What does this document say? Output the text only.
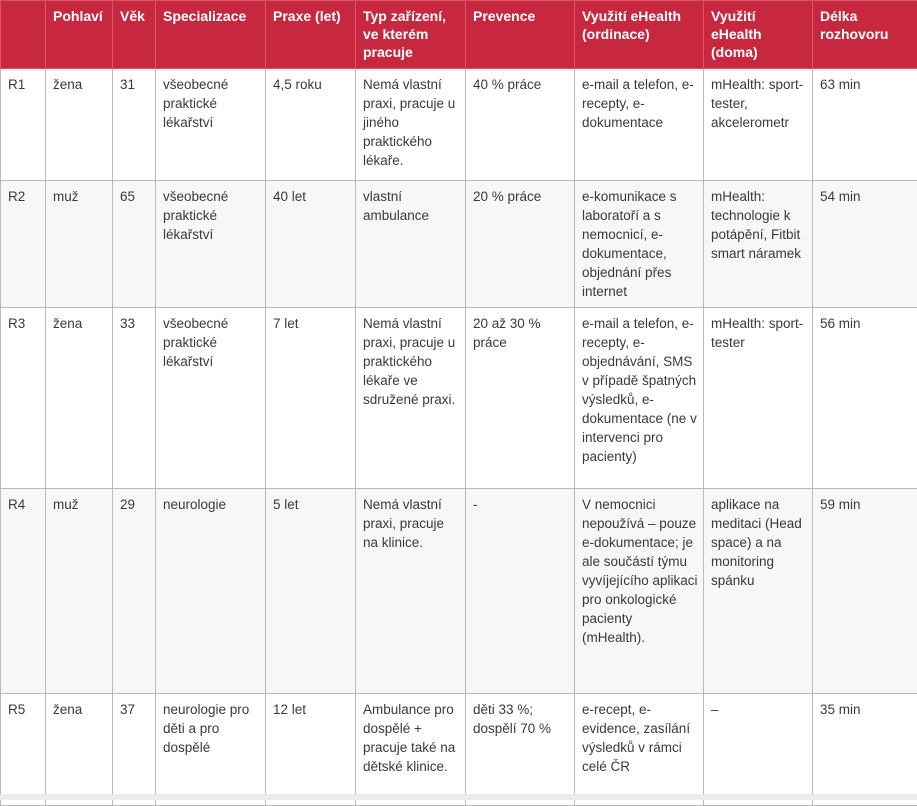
	Pohlaví	Věk	Specializace	Praxe (let)	Typ zařízení, ve kterém pracuje	Prevence	Využití eHealth (ordinace)	Využití eHealth (doma)	Délka rozhovoru
R1	žena	31	všeobecné praktické lékařství	4,5 roku	Nemá vlastní praxi, pracuje u jiného praktického lékaře.	40 % práce	e-mail a telefon, e-recepty, e-dokumentace	mHealth: sport-tester, akcelerometr	63 min
R2	muž	65	všeobecné praktické lékařství	40 let	vlastní ambulance	20 % práce	e-komunikace s laboratoří a s nemocnicí, e-dokumentace, objednání přes internet	mHealth: technologie k potápění, Fitbit smart náramek	54 min
R3	žena	33	všeobecné praktické lékařství	7 let	Nemá vlastní praxi, pracuje u praktického lékaře ve sdružené praxi.	20 až 30 % práce	e-mail a telefon, e-recepty, e-objednávání, SMS v případě špatných výsledků, e-dokumentace (ne v intervenci pro pacienty)	mHealth: sport-tester	56 min
R4	muž	29	neurologie	5 let	Nemá vlastní praxi, pracuje na klinice.	-	V nemocnici nepoužívá – pouze e-dokumentace; je ale součástí týmu vyvíjejícího aplikaci pro onkologické pacienty (mHealth).	aplikace na meditaci (Head space) a na monitoring spánku	59 min
R5	žena	37	neurologie pro děti a pro dospělé	12 let	Ambulance pro dospělé + pracuje také na dětské klinice.	děti 33 %; dospělí 70 %	e-recept, e-evidence, zasílání výsledků v rámci celé ČR	–	35 min
